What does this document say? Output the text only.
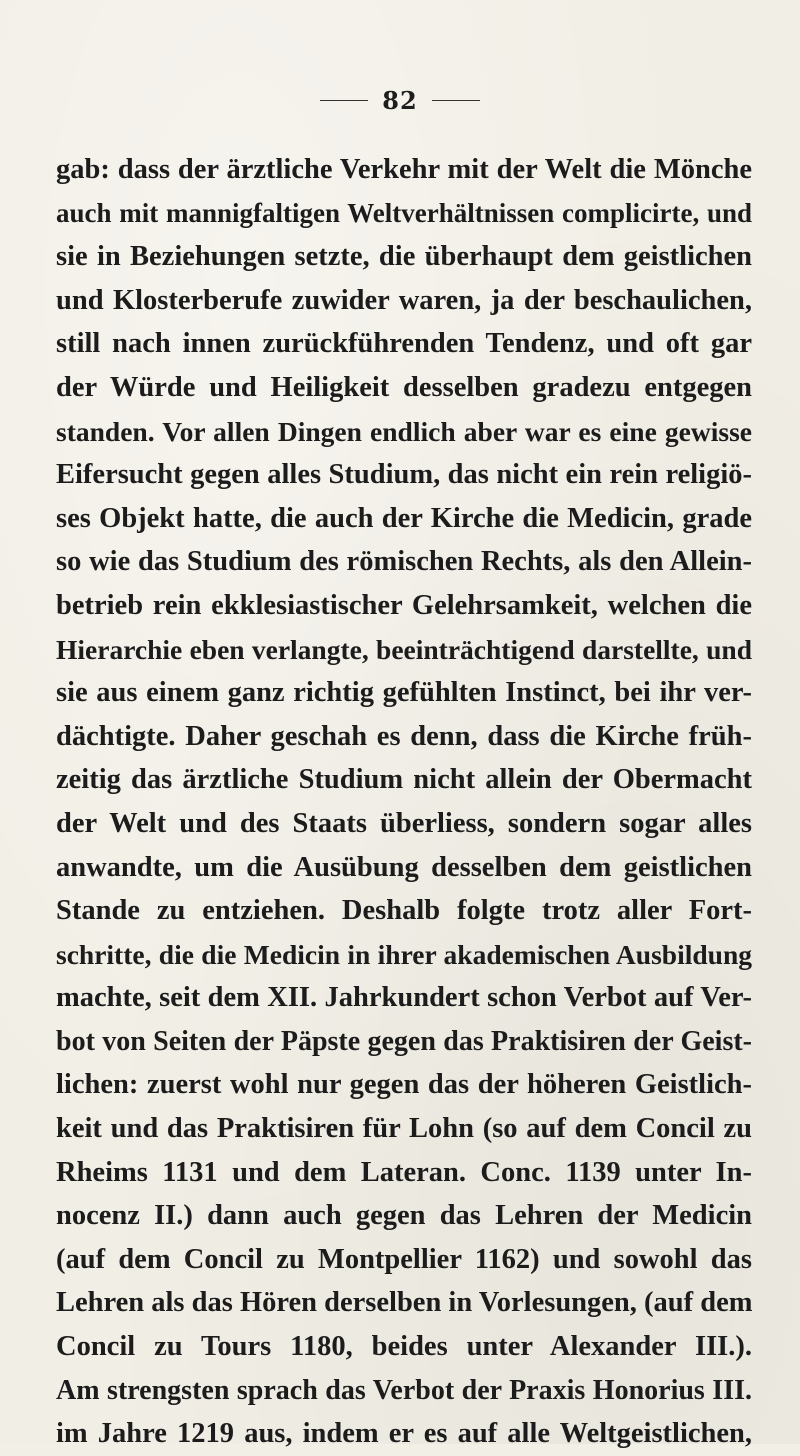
82
gab: dass der ärztliche Verkehr mit der Welt die Mönche
auch mit mannigfaltigen Weltverhältnissen complicirte, und
sie in Beziehungen setzte, die überhaupt dem geistlichen
und Klosterberufe zuwider waren, ja der beschaulichen,
still nach innen zurückführenden Tendenz, und oft gar
der Würde und Heiligkeit desselben gradezu entgegen
standen. Vor allen Dingen endlich aber war es eine gewisse
Eifersucht gegen alles Studium, das nicht ein rein religiö-
ses Objekt hatte, die auch der Kirche die Medicin, grade
so wie das Studium des römischen Rechts, als den Allein-
betrieb rein ekklesiastischer Gelehrsamkeit, welchen die
Hierarchie eben verlangte, beeinträchtigend darstellte, und
sie aus einem ganz richtig gefühlten Instinct, bei ihr ver-
dächtigte. Daher geschah es denn, dass die Kirche früh-
zeitig das ärztliche Studium nicht allein der Obermacht
der Welt und des Staats überliess, sondern sogar alles
anwandte, um die Ausübung desselben dem geistlichen
Stande zu entziehen. Deshalb folgte trotz aller Fort-
schritte, die die Medicin in ihrer akademischen Ausbildung
machte, seit dem XII. Jahrkundert schon Verbot auf Ver-
bot von Seiten der Päpste gegen das Praktisiren der Geist-
lichen: zuerst wohl nur gegen das der höheren Geistlich-
keit und das Praktisiren für Lohn (so auf dem Concil zu
Rheims 1131 und dem Lateran. Conc. 1139 unter In-
nocenz II.) dann auch gegen das Lehren der Medicin
(auf dem Concil zu Montpellier 1162) und sowohl das
Lehren als das Hören derselben in Vorlesungen, (auf dem
Concil zu Tours 1180, beides unter Alexander III.).
Am strengsten sprach das Verbot der Praxis Honorius III.
im Jahre 1219 aus, indem er es auf alle Weltgeistlichen,
